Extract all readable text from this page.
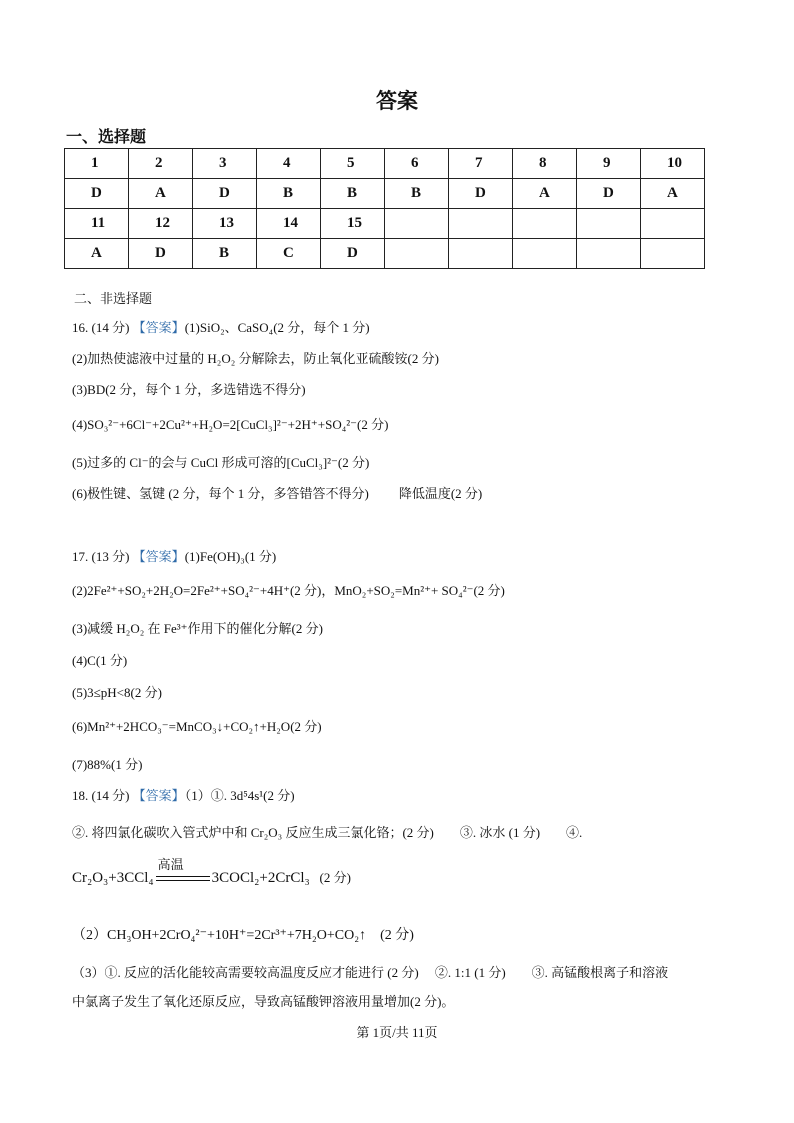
答案
一、选择题
1	2	3	4	5	6	7	8	9	10
D	A	D	B	B	B	D	A	D	A
11	12	13	14	15					
A	D	B	C	D					
二、非选择题
16. (14 分) 【答案】(1)SiO₂、CaSO₄(2 分，每个 1 分)
(2)加热使滤液中过量的 H₂O₂ 分解除去，防止氧化亚硫酸铵(2 分)
(3)BD(2 分，每个 1 分，多选错选不得分)
(4)SO₃²⁻+6Cl⁻+2Cu²⁺+H₂O=2[CuCl₃]²⁻+2H⁺+SO₄²⁻(2 分)
(5)过多的 Cl⁻的会与 CuCl 形成可溶的[CuCl₃]²⁻(2 分)
(6)极性键、氢键 (2 分，每个 1 分，多答错答不得分) 降低温度(2 分)
17. (13 分) 【答案】(1)Fe(OH)₃(1 分)
(2)2Fe²⁺+SO₂+2H₂O=2Fe²⁺+SO₄²⁻+4H⁺(2 分)，MnO₂+SO₂=Mn²⁺+ SO₄²⁻(2 分)
(3)减缓 H₂O₂ 在 Fe³⁺作用下的催化分解(2 分)
(4)C(1 分)
(5)3≤pH<8(2 分)
(6)Mn²⁺+2HCO₃⁻=MnCO₃↓+CO₂↑+H₂O(2 分)
(7)88%(1 分)
18. (14 分) 【答案】（1）①. 3d⁵4s¹(2 分)
②. 将四氯化碳吹入管式炉中和 Cr₂O₃ 反应生成三氯化铬；(2 分)　　③. 冰水 (1 分)　　④.
Cr₂O₃+3CCl₄
高温
3COCl₂+2CrCl₃ (2 分)
（2）CH₃OH+2CrO₄²⁻+10H⁺=2Cr³⁺+7H₂O+CO₂↑　(2 分)
（3）①. 反应的活化能较高需要较高温度反应才能进行 (2 分)　 ②. 1:1 (1 分)　　③. 高锰酸根离子和溶液
中氯离子发生了氧化还原反应，导致高锰酸钾溶液用量增加(2 分)。
第 1页/共 11页
